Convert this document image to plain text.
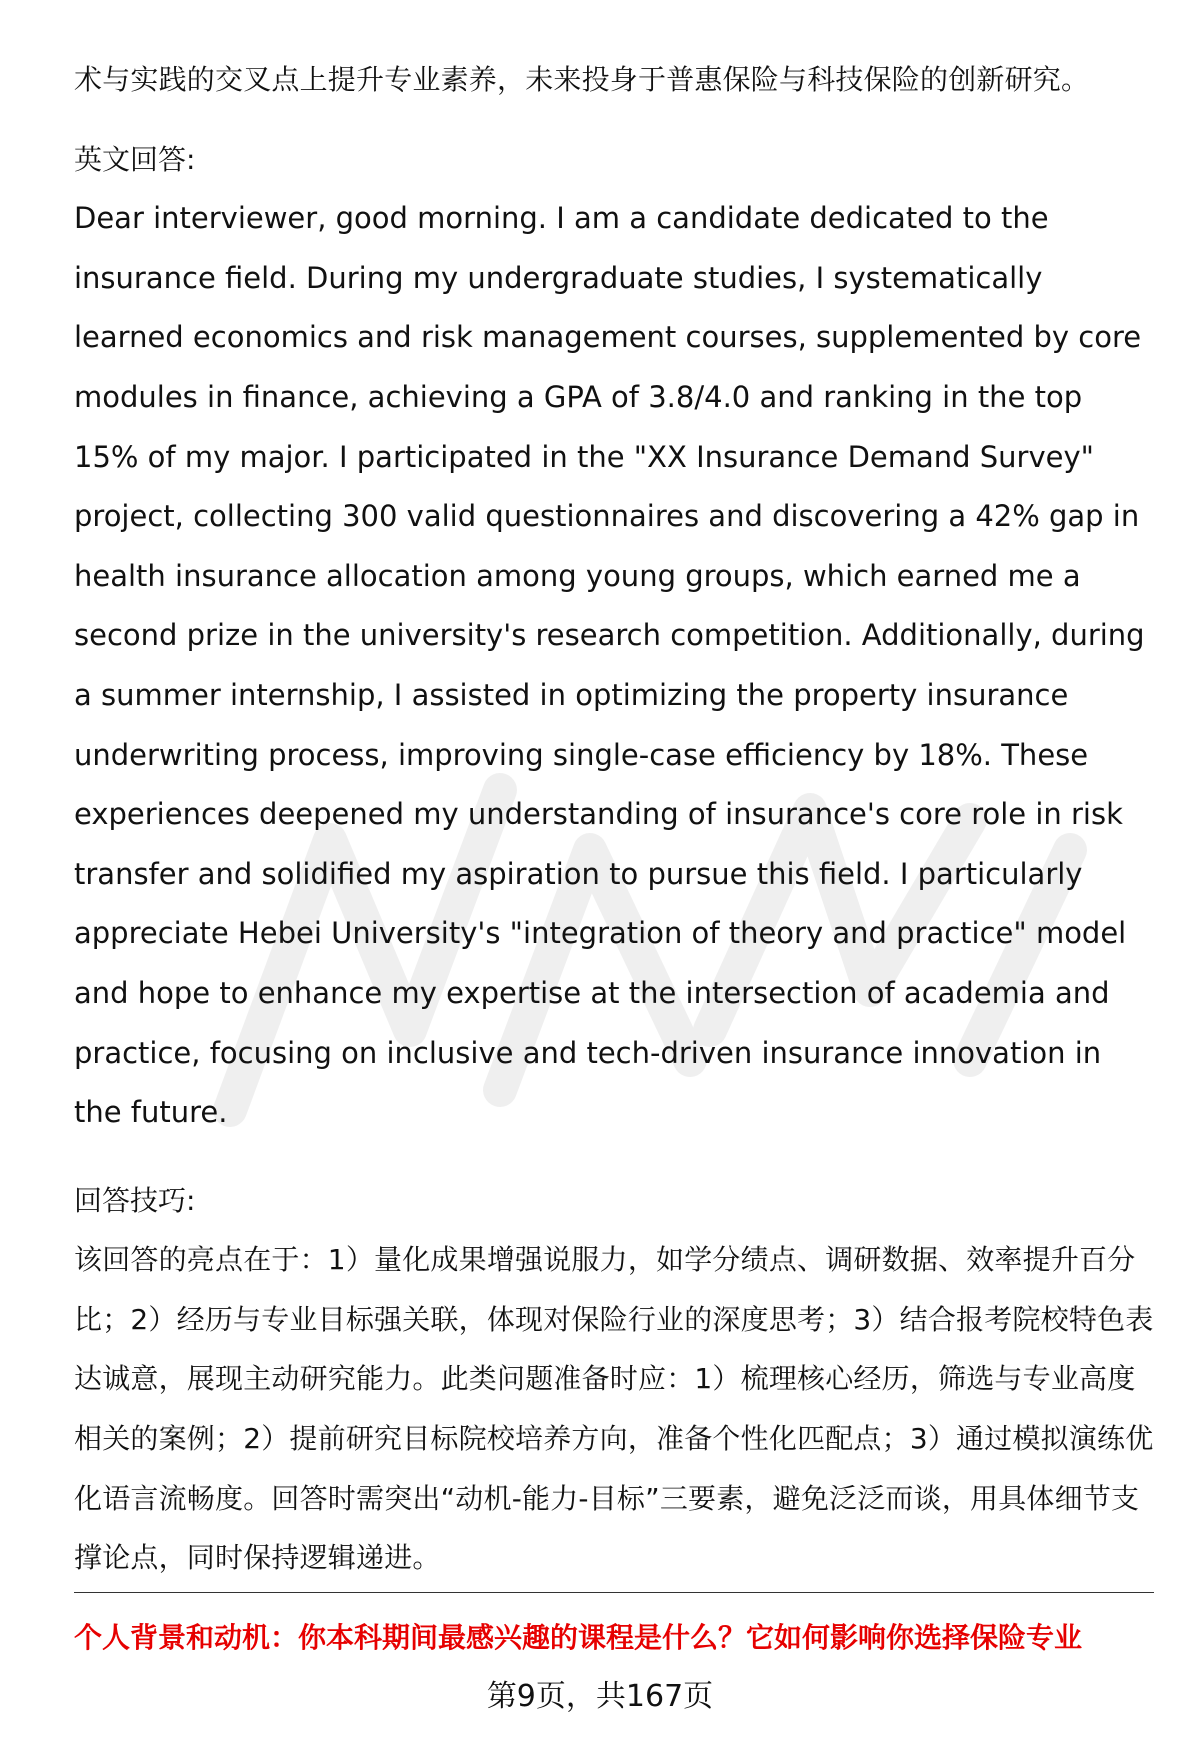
术与实践的交叉点上提升专业素养，未来投身于普惠保险与科技保险的创新研究。

英文回答:

Dear interviewer, good morning. I am a candidate dedicated to the insurance field. During my undergraduate studies, I systematically learned economics and risk management courses, supplemented by core modules in finance, achieving a GPA of 3.8/4.0 and ranking in the top 15% of my major. I participated in the "XX Insurance Demand Survey" project, collecting 300 valid questionnaires and discovering a 42% gap in health insurance allocation among young groups, which earned me a second prize in the university's research competition. Additionally, during a summer internship, I assisted in optimizing the property insurance underwriting process, improving single-case efficiency by 18%. These experiences deepened my understanding of insurance's core role in risk transfer and solidified my aspiration to pursue this field. I particularly appreciate Hebei University's "integration of theory and practice" model and hope to enhance my expertise at the intersection of academia and practice, focusing on inclusive and tech-driven insurance innovation in the future.

回答技巧:

该回答的亮点在于：1）量化成果增强说服力，如学分绩点、调研数据、效率提升百分比；2）经历与专业目标强关联，体现对保险行业的深度思考；3）结合报考院校特色表达诚意，展现主动研究能力。此类问题准备时应：1）梳理核心经历，筛选与专业高度相关的案例；2）提前研究目标院校培养方向，准备个性化匹配点；3）通过模拟演练优化语言流畅度。回答时需突出“动机-能力-目标”三要素，避免泛泛而谈，用具体细节支撑论点，同时保持逻辑递进。

个人背景和动机：你本科期间最感兴趣的课程是什么？它如何影响你选择保险专业
第9页，共167页
